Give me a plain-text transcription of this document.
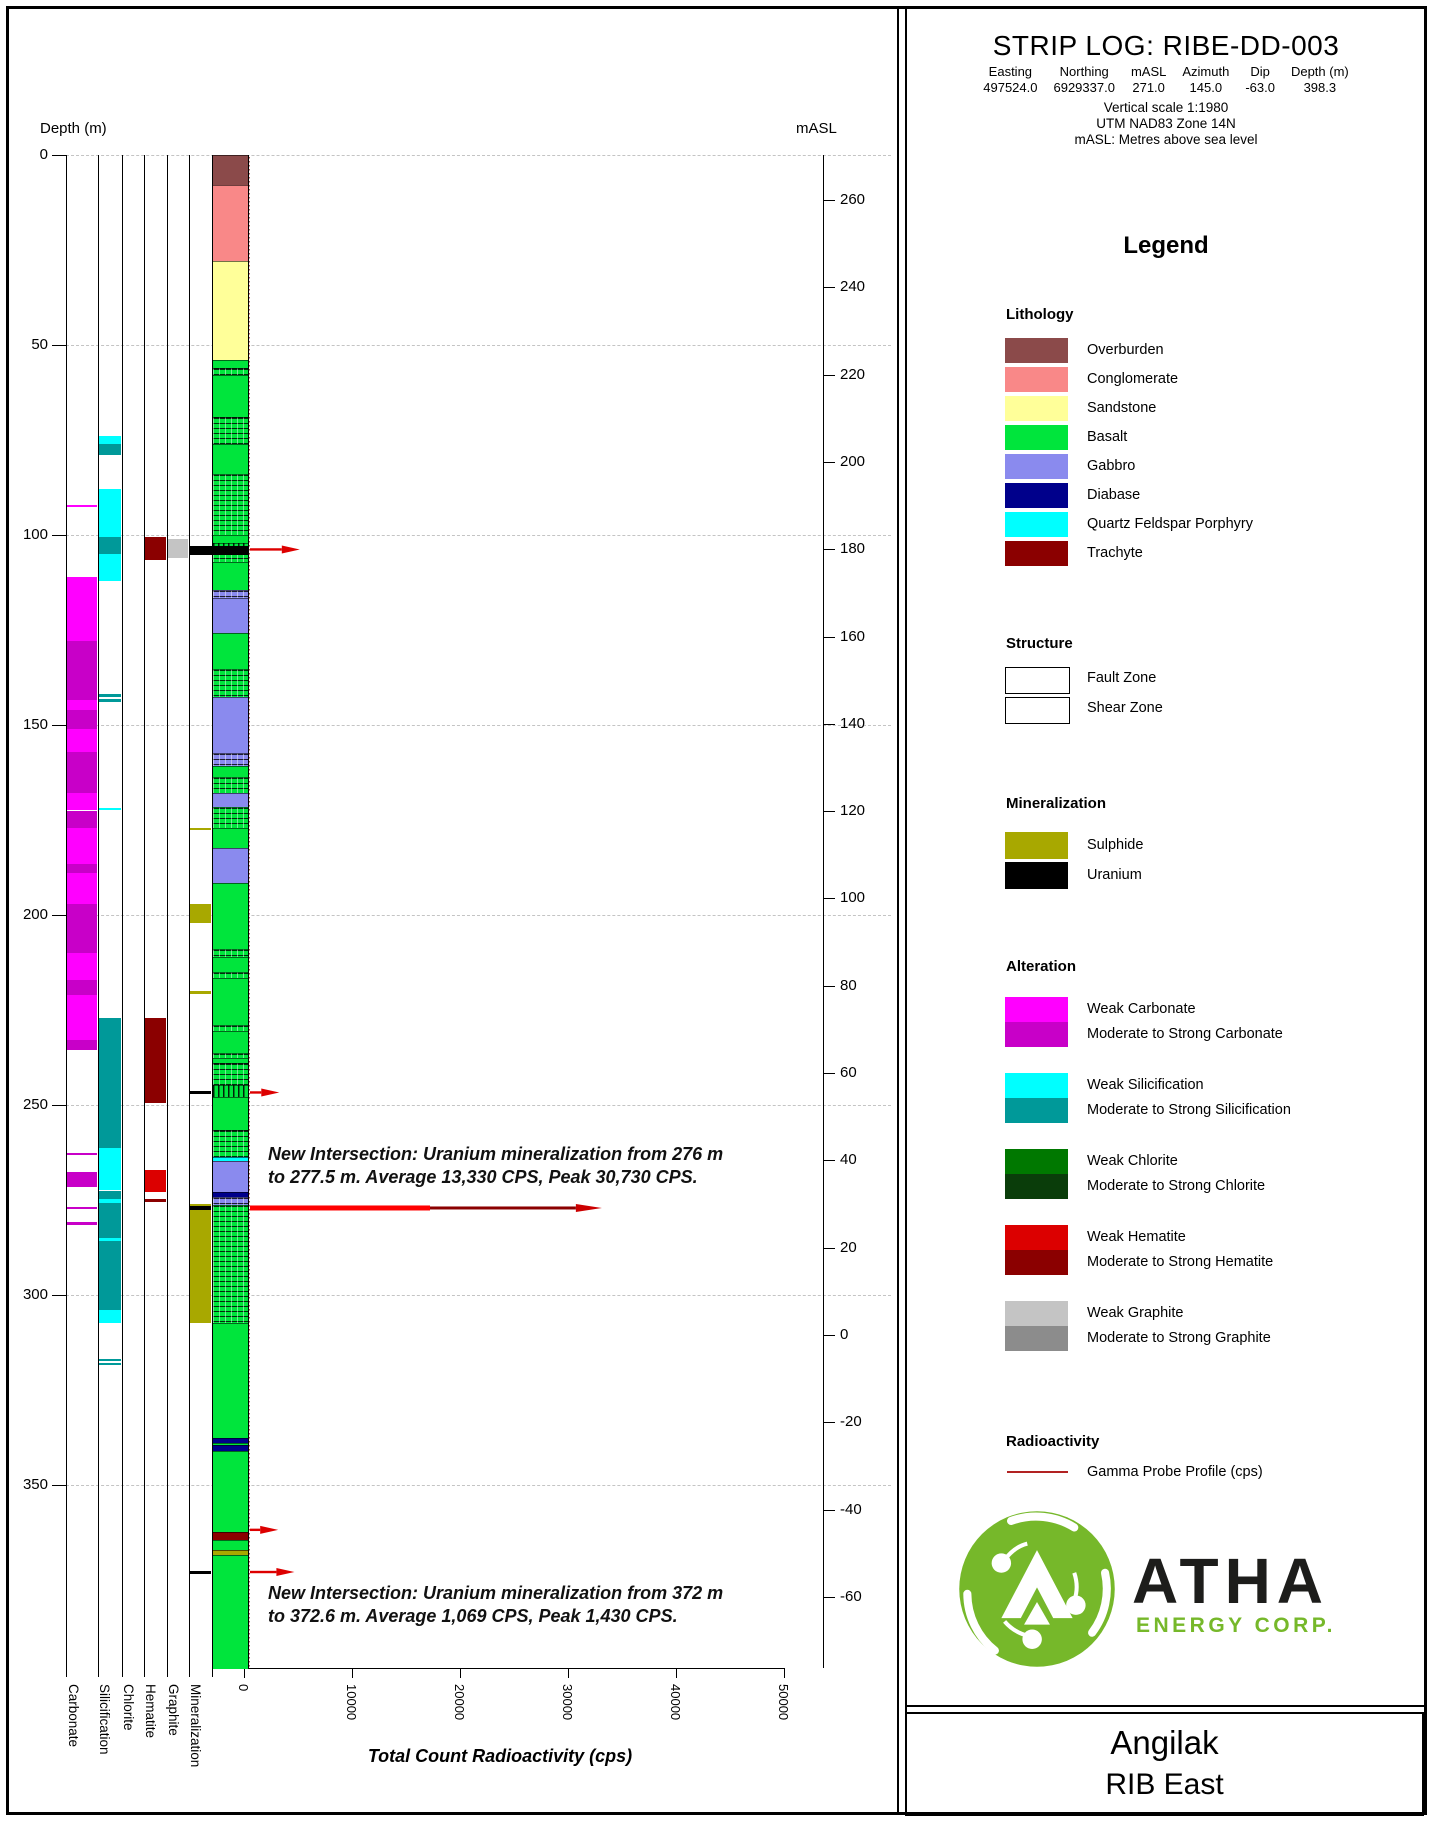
Depth (m)	mASL
0
50
100
150
200
250
300
350
260
240
220
200
180
160
140
120
100
80
60
40
20
0
-20
-40
-60
Carbonate Silicification Chlorite Hematite Graphite Mineralization	0	10000	20000	30000	40000	50000
New Intersection: Uranium mineralization from 276 m
to 277.5 m. Average 13,330 CPS, Peak 30,730 CPS.
New Intersection: Uranium mineralization from 372 m
to 372.6 m. Average 1,069 CPS, Peak 1,430 CPS.
Total Count Radioactivity (cps)
STRIP LOG: RIBE-DD-003
Easting
497524.0
Northing
6929337.0
mASL
271.0
Azimuth
145.0
Dip
-63.0
Depth (m)
398.3
Vertical scale 1:1980
UTM NAD83 Zone 14N
mASL: Metres above sea level
Legend
Lithology
Structure
Mineralization
Alteration
Radioactivity
Overburden
Conglomerate
Sandstone
Basalt
Gabbro
Diabase
Quartz Feldspar Porphyry
Trachyte
Fault Zone
Shear Zone
Sulphide
Uranium
Weak Carbonate
Moderate to Strong Carbonate
Weak Silicification
Moderate to Strong Silicification
Weak Chlorite
Moderate to Strong Chlorite
Weak Hematite
Moderate to Strong Hematite
Weak Graphite
Moderate to Strong Graphite
Gamma Probe Profile (cps)
ATHA
ENERGY CORP.
Angilak
RIB East
